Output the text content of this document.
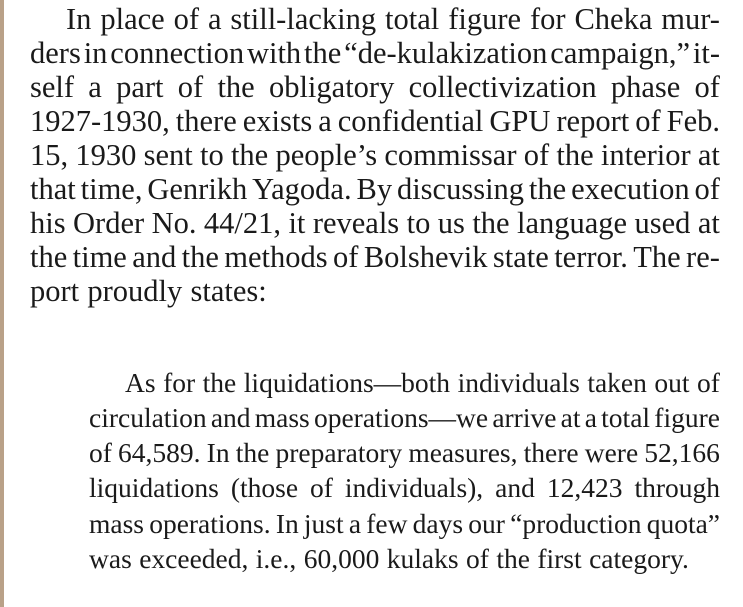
In place of a still-lacking total figure for Cheka mur-
ders in connection with the “de-kulakization campaign,” it-
self a part of the obligatory collectivization phase of
1927-1930, there exists a confidential GPU report of Feb.
15, 1930 sent to the people’s commissar of the interior at
that time, Genrikh Yagoda. By discussing the execution of
his Order No. 44/21, it reveals to us the language used at
the time and the methods of Bolshevik state terror. The re-
port proudly states:
As for the liquidations—both individuals taken out of
circulation and mass operations—we arrive at a total figure
of 64,589. In the preparatory measures, there were 52,166
liquidations (those of individuals), and 12,423 through
mass operations. In just a few days our “production quota”
was exceeded, i.e., 60,000 kulaks of the first category.
